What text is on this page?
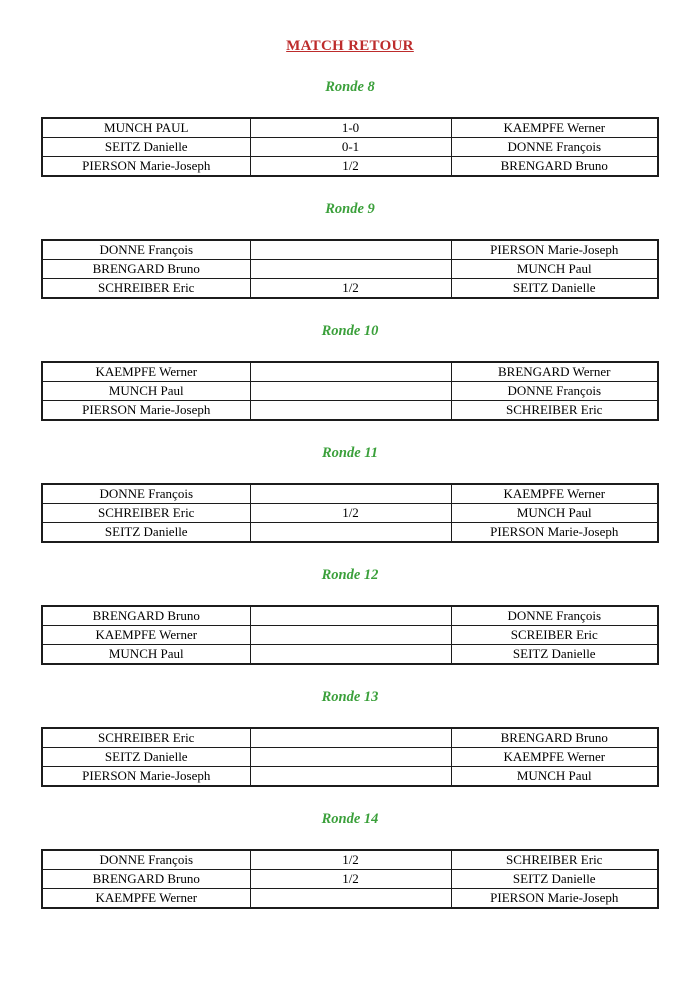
MATCH RETOUR
Ronde 8
MUNCH PAUL	1-0	KAEMPFE Werner
SEITZ Danielle	0-1	DONNE François
PIERSON Marie-Joseph	1/2	BRENGARD Bruno
Ronde 9
DONNE François		PIERSON Marie-Joseph
BRENGARD Bruno		MUNCH Paul
SCHREIBER Eric	1/2	SEITZ Danielle
Ronde 10
KAEMPFE Werner		BRENGARD Werner
MUNCH Paul		DONNE François
PIERSON Marie-Joseph		SCHREIBER Eric
Ronde 11
DONNE François		KAEMPFE Werner
SCHREIBER Eric	1/2	MUNCH Paul
SEITZ Danielle		PIERSON Marie-Joseph
Ronde 12
BRENGARD Bruno		DONNE François
KAEMPFE Werner		SCREIBER Eric
MUNCH Paul		SEITZ Danielle
Ronde 13
SCHREIBER Eric		BRENGARD Bruno
SEITZ Danielle		KAEMPFE Werner
PIERSON Marie-Joseph		MUNCH Paul
Ronde 14
DONNE François	1/2	SCHREIBER Eric
BRENGARD Bruno	1/2	SEITZ Danielle
KAEMPFE Werner		PIERSON Marie-Joseph
